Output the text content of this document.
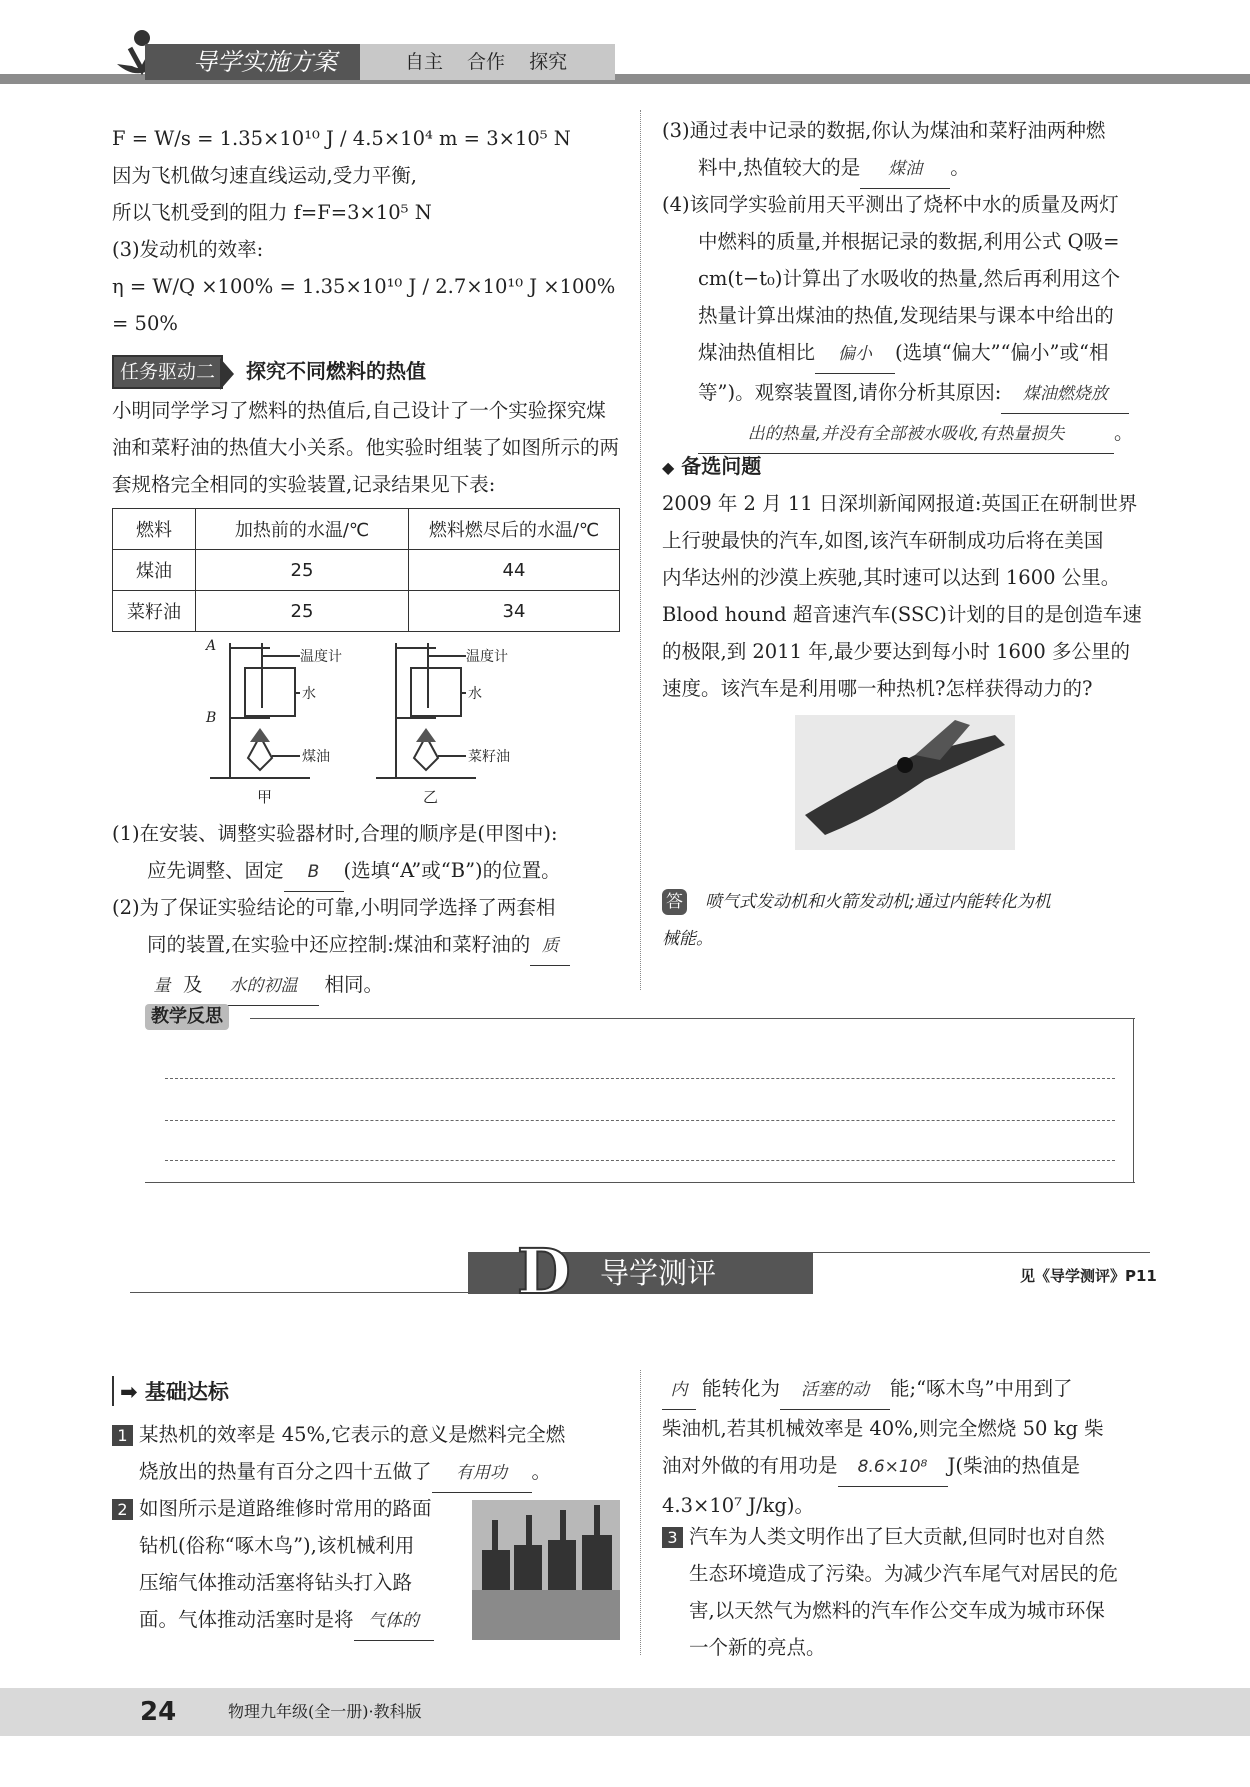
导学实施方案	自主 合作 探究
F = W/s = 1.35×10¹⁰ J / 4.5×10⁴ m = 3×10⁵ N
因为飞机做匀速直线运动,受力平衡,
所以飞机受到的阻力 f=F=3×10⁵ N
(3)发动机的效率:
η = W/Q ×100% = 1.35×10¹⁰ J / 2.7×10¹⁰ J ×100% = 50%
任务驱动二 探究不同燃料的热值
小明同学学习了燃料的热值后,自己设计了一个实验探究煤油和菜籽油的热值大小关系。他实验时组装了如图所示的两套规格完全相同的实验装置,记录结果见下表:
燃料	加热前的水温/℃	燃料燃尽后的水温/℃
煤油	25	44
菜籽油	25	34
A
B
温度计
水
煤油
温度计
水
菜籽油
甲	乙
(1)在安装、调整实验器材时,合理的顺序是(甲图中):
应先调整、固定 B (选填“A”或“B”)的位置。
(2)为了保证实验结论的可靠,小明同学选择了两套相
同的装置,在实验中还应控制:煤油和菜籽油的 质
量 及 水的初温 相同。
(3)通过表中记录的数据,你认为煤油和菜籽油两种燃
料中,热值较大的是 煤油 。
(4)该同学实验前用天平测出了烧杯中水的质量及两灯
中燃料的质量,并根据记录的数据,利用公式 Q吸=
cm(t−t₀)计算出了水吸收的热量,然后再利用这个
热量计算出煤油的热值,发现结果与课本中给出的
煤油热值相比 偏小 (选填“偏大”“偏小”或“相
等”)。观察装置图,请你分析其原因: 煤油燃烧放
出的热量,并没有全部被水吸收,有热量损失	。
◆ 备选问题
2009 年 2 月 11 日深圳新闻网报道:英国正在研制世界
上行驶最快的汽车,如图,该汽车研制成功后将在美国
内华达州的沙漠上疾驰,其时速可以达到 1600 公里。
Blood hound 超音速汽车(SSC)计划的目的是创造车速
的极限,到 2011 年,最少要达到每小时 1600 多公里的
速度。该汽车是利用哪一种热机?怎样获得动力的?
答 喷气式发动机和火箭发动机;通过内能转化为机
械能。
教学反思
D 导学测评	见《导学测评》P11
➡ 基础达标
1 某热机的效率是 45%,它表示的意义是燃料完全燃
烧放出的热量有百分之四十五做了 有用功 。
2 如图所示是道路维修时常用的路面
钻机(俗称“啄木鸟”),该机械利用
压缩气体推动活塞将钻头打入路
面。气体推动活塞时是将 气体的
内 能转化为 活塞的动 能;“啄木鸟”中用到了
柴油机,若其机械效率是 40%,则完全燃烧 50 kg 柴
油对外做的有用功是 8.6×10⁸ J(柴油的热值是
4.3×10⁷ J/kg)。
3 汽车为人类文明作出了巨大贡献,但同时也对自然
生态环境造成了污染。为减少汽车尾气对居民的危
害,以天然气为燃料的汽车作公交车成为城市环保
一个新的亮点。
24	物理九年级(全一册)·教科版
